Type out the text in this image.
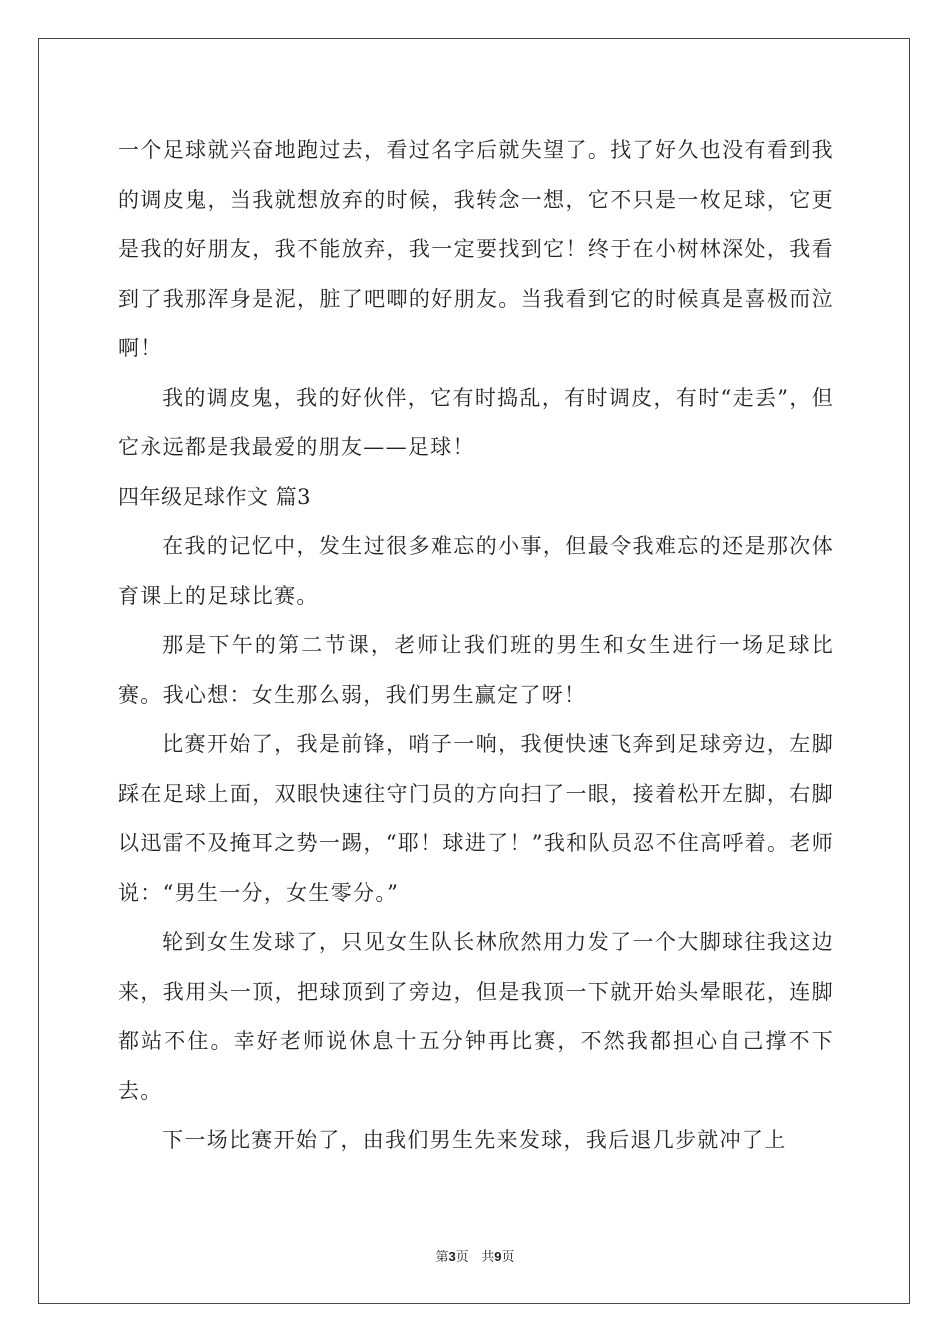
一个足球就兴奋地跑过去，看过名字后就失望了。找了好久也没有看到我的调皮鬼，当我就想放弃的时候，我转念一想，它不只是一枚足球，它更是我的好朋友，我不能放弃，我一定要找到它！终于在小树林深处，我看到了我那浑身是泥，脏了吧唧的好朋友。当我看到它的时候真是喜极而泣啊！

我的调皮鬼，我的好伙伴，它有时捣乱，有时调皮，有时“走丢”，但它永远都是我最爱的朋友——足球！

四年级足球作文 篇3

在我的记忆中，发生过很多难忘的小事，但最令我难忘的还是那次体育课上的足球比赛。

那是下午的第二节课，老师让我们班的男生和女生进行一场足球比赛。我心想：女生那么弱，我们男生赢定了呀！

比赛开始了，我是前锋，哨子一响，我便快速飞奔到足球旁边，左脚踩在足球上面，双眼快速往守门员的方向扫了一眼，接着松开左脚，右脚以迅雷不及掩耳之势一踢，“耶！球进了！”我和队员忍不住高呼着。老师说：“男生一分，女生零分。”

轮到女生发球了，只见女生队长林欣然用力发了一个大脚球往我这边来，我用头一顶，把球顶到了旁边，但是我顶一下就开始头晕眼花，连脚都站不住。幸好老师说休息十五分钟再比赛，不然我都担心自己撑不下去。

下一场比赛开始了，由我们男生先来发球，我后退几步就冲了上

第3页 共9页
